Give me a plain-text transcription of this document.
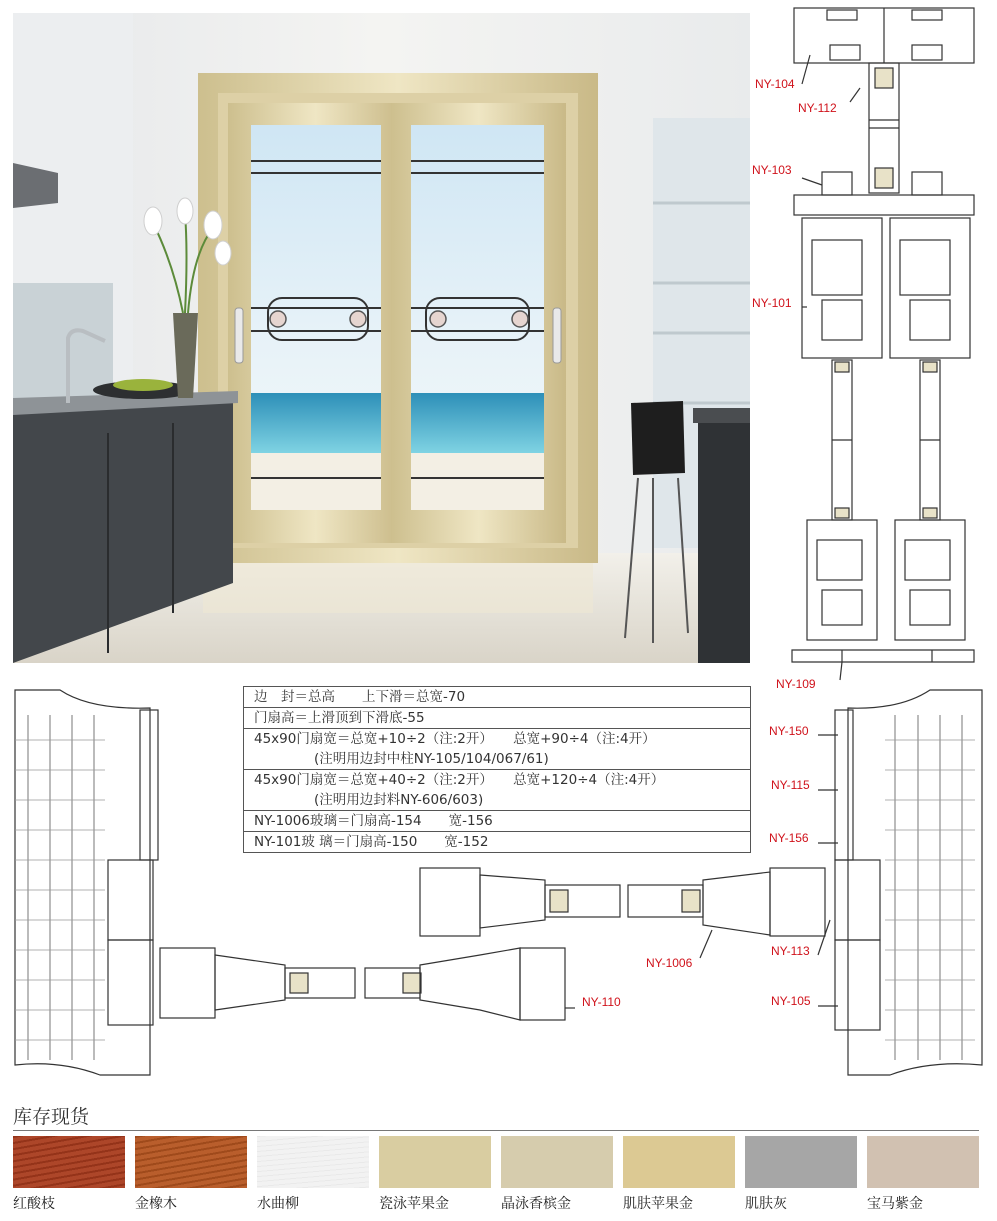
NY-104
NY-112
NY-103
NY-101
NY-109
边　封＝总高　　上下滑＝总宽-70
门扇高＝上滑顶到下滑底-55

45x90门扇宽＝总宽+10÷2（注:2开）　　总宽+90÷4（注:4开）
(注明用边封中柱NY-105/104/067/61)

45x90门扇宽＝总宽+40÷2（注:2开）　　总宽+120÷4（注:4开）
(注明用边封料NY-606/603)

NY-1006玻璃＝门扇高-154　　宽-156
NY-101玻 璃＝门扇高-150　　宽-152
NY-150
NY-115
NY-156
NY-113
NY-105
NY-1006
NY-110
库存现货
红酸枝	金橡木	水曲柳	瓷泳苹果金	晶泳香槟金	肌肤苹果金	肌肤灰	宝马紫金
